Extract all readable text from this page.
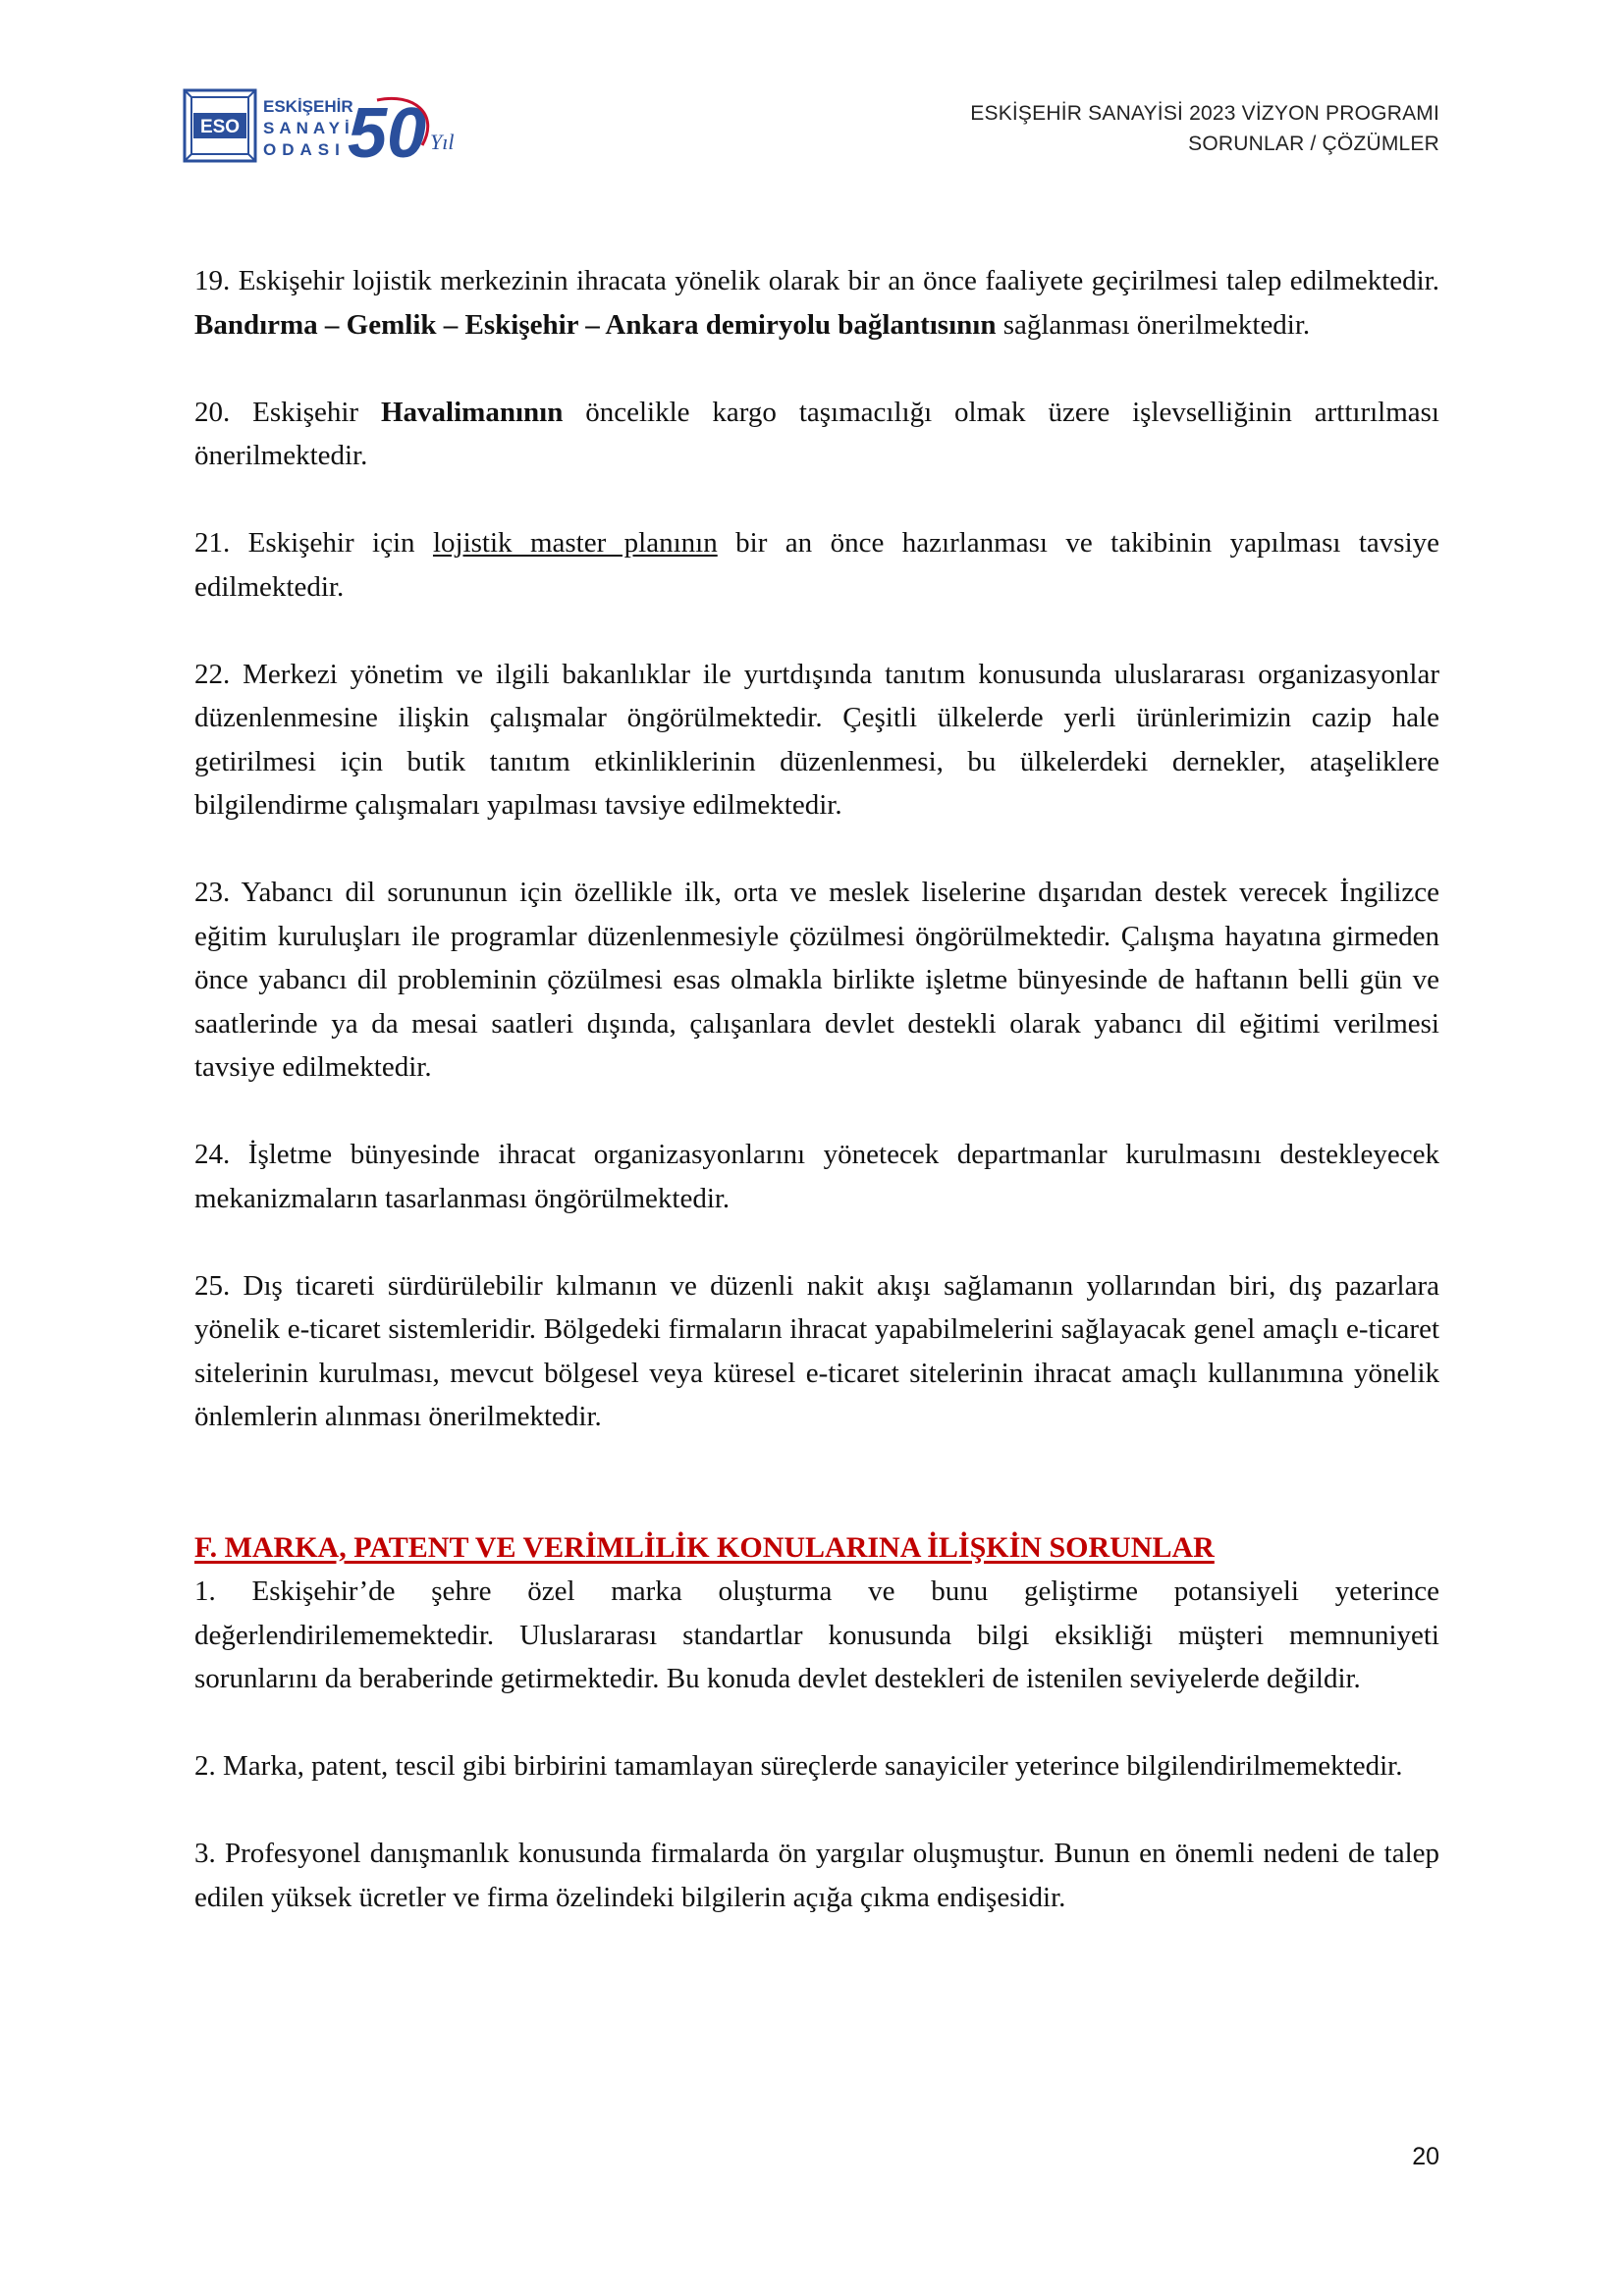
ESO
ESKİŞEHİR
SANAYİ
ODASI 50 Yıl
ESKİŞEHİR SANAYİSİ 2023 VİZYON PROGRAMI
SORUNLAR / ÇÖZÜMLER

19. Eskişehir lojistik merkezinin ihracata yönelik olarak bir an önce faaliyete geçirilmesi talep edilmektedir. Bandırma – Gemlik – Eskişehir – Ankara demiryolu bağlantısının sağlanması önerilmektedir.

20. Eskişehir Havalimanının öncelikle kargo taşımacılığı olmak üzere işlevselliğinin arttırılması önerilmektedir.

21. Eskişehir için lojistik master planının bir an önce hazırlanması ve takibinin yapılması tavsiye edilmektedir.

22. Merkezi yönetim ve ilgili bakanlıklar ile yurtdışında tanıtım konusunda uluslararası organizasyonlar düzenlenmesine ilişkin çalışmalar öngörülmektedir. Çeşitli ülkelerde yerli ürünlerimizin cazip hale getirilmesi için butik tanıtım etkinliklerinin düzenlenmesi, bu ülkelerdeki dernekler, ataşeliklere bilgilendirme çalışmaları yapılması tavsiye edilmektedir.

23. Yabancı dil sorununun için özellikle ilk, orta ve meslek liselerine dışarıdan destek verecek İngilizce eğitim kuruluşları ile programlar düzenlenmesiyle çözülmesi öngörülmektedir. Çalışma hayatına girmeden önce yabancı dil probleminin çözülmesi esas olmakla birlikte işletme bünyesinde de haftanın belli gün ve saatlerinde ya da mesai saatleri dışında, çalışanlara devlet destekli olarak yabancı dil eğitimi verilmesi tavsiye edilmektedir.

24. İşletme bünyesinde ihracat organizasyonlarını yönetecek departmanlar kurulmasını destekleyecek mekanizmaların tasarlanması öngörülmektedir.

25. Dış ticareti sürdürülebilir kılmanın ve düzenli nakit akışı sağlamanın yollarından biri, dış pazarlara yönelik e-ticaret sistemleridir. Bölgedeki firmaların ihracat yapabilmelerini sağlayacak genel amaçlı e-ticaret sitelerinin kurulması, mevcut bölgesel veya küresel e-ticaret sitelerinin ihracat amaçlı kullanımına yönelik önlemlerin alınması önerilmektedir.

F. MARKA, PATENT VE VERİMLİLİK KONULARINA İLİŞKİN SORUNLAR

1. Eskişehir’de şehre özel marka oluşturma ve bunu geliştirme potansiyeli yeterince değerlendirilememektedir. Uluslararası standartlar konusunda bilgi eksikliği müşteri memnuniyeti sorunlarını da beraberinde getirmektedir. Bu konuda devlet destekleri de istenilen seviyelerde değildir.

2. Marka, patent, tescil gibi birbirini tamamlayan süreçlerde sanayiciler yeterince bilgilendirilmemektedir.

3. Profesyonel danışmanlık konusunda firmalarda ön yargılar oluşmuştur. Bunun en önemli nedeni de talep edilen yüksek ücretler ve firma özelindeki bilgilerin açığa çıkma endişesidir.

20
